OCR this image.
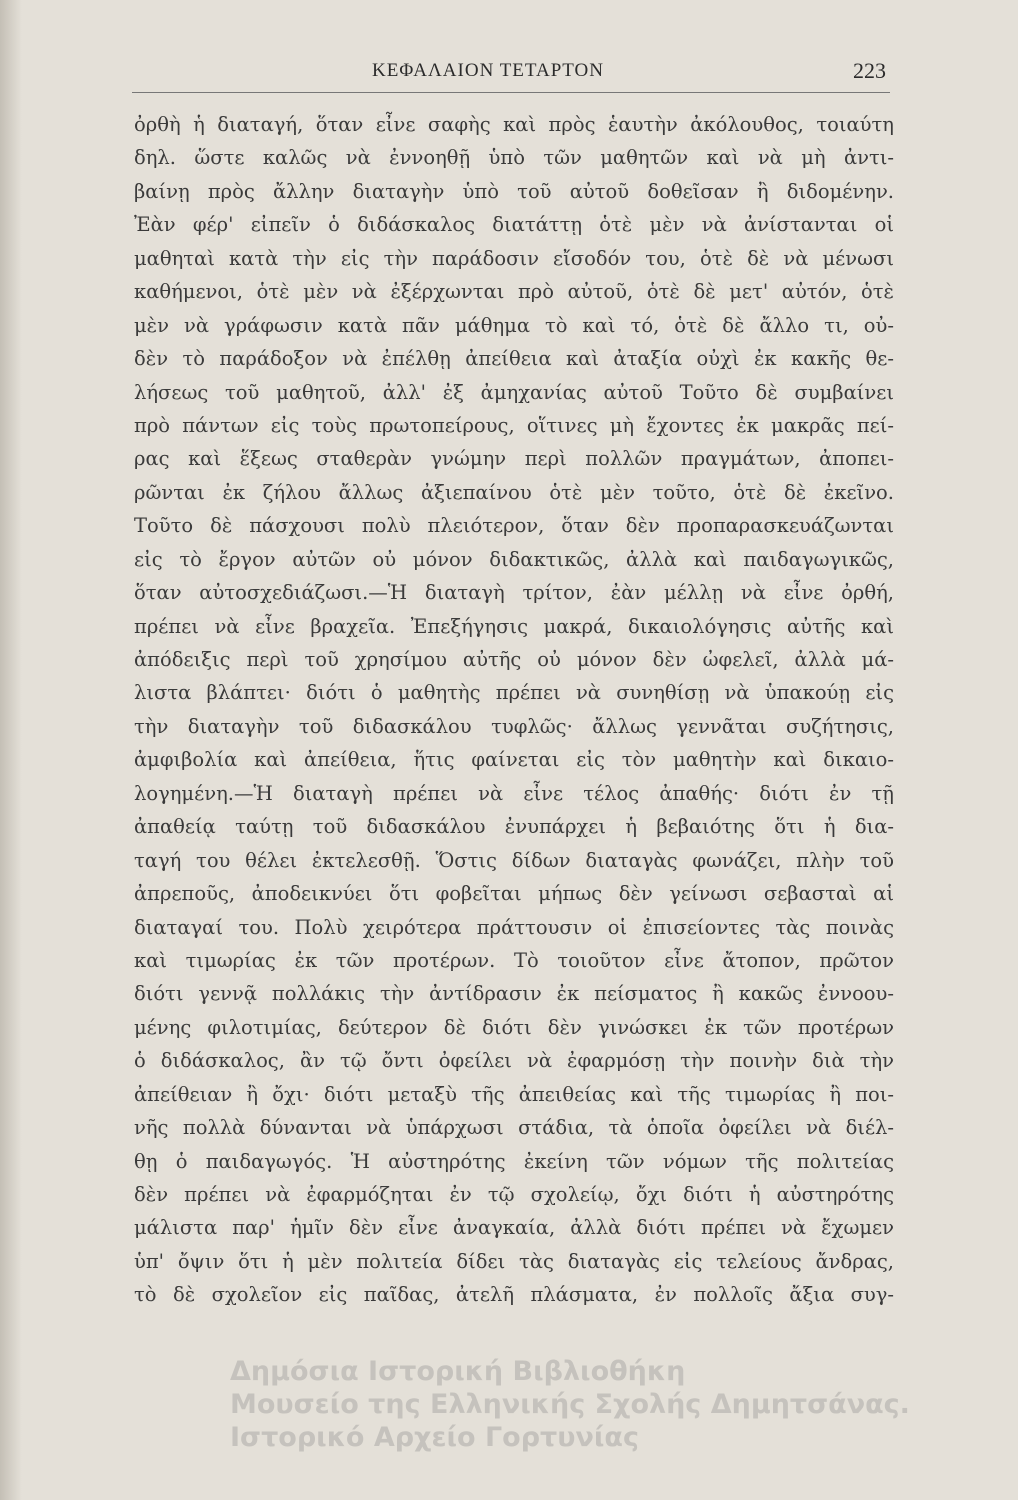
ΚΕΦΑΛΑΙΟΝ ΤΕΤΑΡΤΟΝ	223
ὀρθὴ ἡ διαταγή, ὅταν εἶνε σαφὴς καὶ πρὸς ἑαυτὴν ἀκόλουθος, τοιαύτη
δηλ. ὥστε καλῶς νὰ ἐννοηθῇ ὑπὸ τῶν μαθητῶν καὶ νὰ μὴ ἀντι-
βαίνῃ πρὸς ἄλλην διαταγὴν ὑπὸ τοῦ αὐτοῦ δοθεῖσαν ἢ διδομένην.
Ἐὰν φέρ' εἰπεῖν ὁ διδάσκαλος διατάττῃ ὁτὲ μὲν νὰ ἀνίστανται οἱ
μαθηταὶ κατὰ τὴν εἰς τὴν παράδοσιν εἴσοδόν του, ὁτὲ δὲ νὰ μένωσι
καθήμενοι, ὁτὲ μὲν νὰ ἐξέρχωνται πρὸ αὐτοῦ, ὁτὲ δὲ μετ' αὐτόν, ὁτὲ
μὲν νὰ γράφωσιν κατὰ πᾶν μάθημα τὸ καὶ τό, ὁτὲ δὲ ἄλλο τι, οὐ-
δὲν τὸ παράδοξον νὰ ἐπέλθῃ ἀπείθεια καὶ ἀταξία οὐχὶ ἐκ κακῆς θε-
λήσεως τοῦ μαθητοῦ, ἀλλ' ἐξ ἀμηχανίας αὐτοῦ Τοῦτο δὲ συμβαίνει
πρὸ πάντων εἰς τοὺς πρωτοπείρους, οἵτινες μὴ ἔχοντες ἐκ μακρᾶς πεί-
ρας καὶ ἕξεως σταθερὰν γνώμην περὶ πολλῶν πραγμάτων, ἀποπει-
ρῶνται ἐκ ζήλου ἄλλως ἀξιεπαίνου ὁτὲ μὲν τοῦτο, ὁτὲ δὲ ἐκεῖνο.
Τοῦτο δὲ πάσχουσι πολὺ πλειότερον, ὅταν δὲν προπαρασκευάζωνται
εἰς τὸ ἔργον αὐτῶν οὐ μόνον διδακτικῶς, ἀλλὰ καὶ παιδαγωγικῶς,
ὅταν αὐτοσχεδιάζωσι.—Ἡ διαταγὴ τρίτον, ἐὰν μέλλῃ νὰ εἶνε ὀρθή,
πρέπει νὰ εἶνε βραχεῖα. Ἐπεξήγησις μακρά, δικαιολόγησις αὐτῆς καὶ
ἀπόδειξις περὶ τοῦ χρησίμου αὐτῆς οὐ μόνον δὲν ὠφελεῖ, ἀλλὰ μά-
λιστα βλάπτει· διότι ὁ μαθητὴς πρέπει νὰ συνηθίσῃ νὰ ὑπακούῃ εἰς
τὴν διαταγὴν τοῦ διδασκάλου τυφλῶς· ἄλλως γεννᾶται συζήτησις,
ἀμφιβολία καὶ ἀπείθεια, ἥτις φαίνεται εἰς τὸν μαθητὴν καὶ δικαιο-
λογημένη.—Ἡ διαταγὴ πρέπει νὰ εἶνε τέλος ἀπαθής· διότι ἐν τῇ
ἀπαθείᾳ ταύτῃ τοῦ διδασκάλου ἐνυπάρχει ἡ βεβαιότης ὅτι ἡ δια-
ταγή του θέλει ἐκτελεσθῇ. Ὅστις δίδων διαταγὰς φωνάζει, πλὴν τοῦ
ἀπρεποῦς, ἀποδεικνύει ὅτι φοβεῖται μήπως δὲν γείνωσι σεβασταὶ αἱ
διαταγαί του. Πολὺ χειρότερα πράττουσιν οἱ ἐπισείοντες τὰς ποινὰς
καὶ τιμωρίας ἐκ τῶν προτέρων. Τὸ τοιοῦτον εἶνε ἄτοπον, πρῶτον
διότι γεννᾷ πολλάκις τὴν ἀντίδρασιν ἐκ πείσματος ἢ κακῶς ἐννοου-
μένης φιλοτιμίας, δεύτερον δὲ διότι δὲν γινώσκει ἐκ τῶν προτέρων
ὁ διδάσκαλος, ἂν τῷ ὄντι ὀφείλει νὰ ἐφαρμόσῃ τὴν ποινὴν διὰ τὴν
ἀπείθειαν ἢ ὄχι· διότι μεταξὺ τῆς ἀπειθείας καὶ τῆς τιμωρίας ἢ ποι-
νῆς πολλὰ δύνανται νὰ ὑπάρχωσι στάδια, τὰ ὁποῖα ὀφείλει νὰ διέλ-
θῃ ὁ παιδαγωγός. Ἡ αὐστηρότης ἐκείνη τῶν νόμων τῆς πολιτείας
δὲν πρέπει νὰ ἐφαρμόζηται ἐν τῷ σχολείῳ, ὄχι διότι ἡ αὐστηρότης
μάλιστα παρ' ἡμῖν δὲν εἶνε ἀναγκαία, ἀλλὰ διότι πρέπει νὰ ἔχωμεν
ὑπ' ὄψιν ὅτι ἡ μὲν πολιτεία δίδει τὰς διαταγὰς εἰς τελείους ἄνδρας,
τὸ δὲ σχολεῖον εἰς παῖδας, ἀτελῆ πλάσματα, ἐν πολλοῖς ἄξια συγ-
Δημόσια Ιστορική Βιβλιοθήκη
Μουσείο της Ελληνικής Σχολής Δημητσάνας.
Ιστορικό Αρχείο Γορτυνίας
